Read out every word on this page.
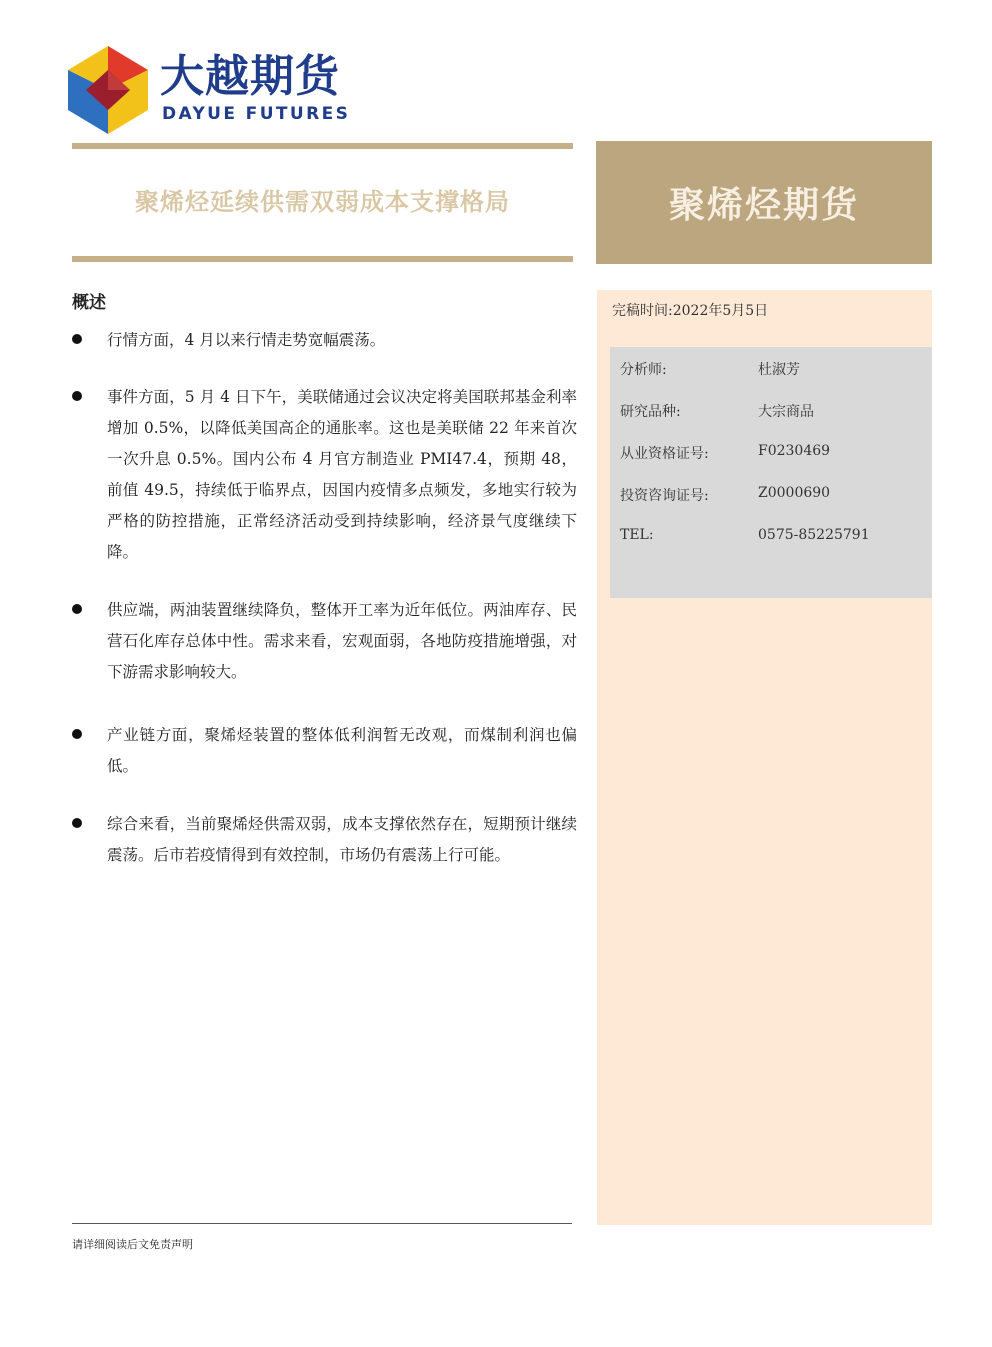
大越期货
DAYUE FUTURES
聚烯烃延续供需双弱成本支撑格局	聚烯烃期货
完稿时间:2022年5月5日
分析师:	杜淑芳
研究品种:	大宗商品
从业资格证号:	F0230469
投资咨询证号:	Z0000690
TEL:	0575-85225791
概述
行情方面，4 月以来行情走势宽幅震荡。
事件方面，5 月 4 日下午，美联储通过会议决定将美国联邦基金利率增加 0.5%，以降低美国高企的通胀率。这也是美联储 22 年来首次一次升息 0.5%。国内公布 4 月官方制造业 PMI47.4，预期 48，前值 49.5，持续低于临界点，因国内疫情多点频发，多地实行较为严格的防控措施，正常经济活动受到持续影响，经济景气度继续下降。
供应端，两油装置继续降负，整体开工率为近年低位。两油库存、民营石化库存总体中性。需求来看，宏观面弱，各地防疫措施增强，对下游需求影响较大。
产业链方面，聚烯烃装置的整体低利润暂无改观，而煤制利润也偏低。
综合来看，当前聚烯烃供需双弱，成本支撑依然存在，短期预计继续震荡。后市若疫情得到有效控制，市场仍有震荡上行可能。
请详细阅读后文免责声明
